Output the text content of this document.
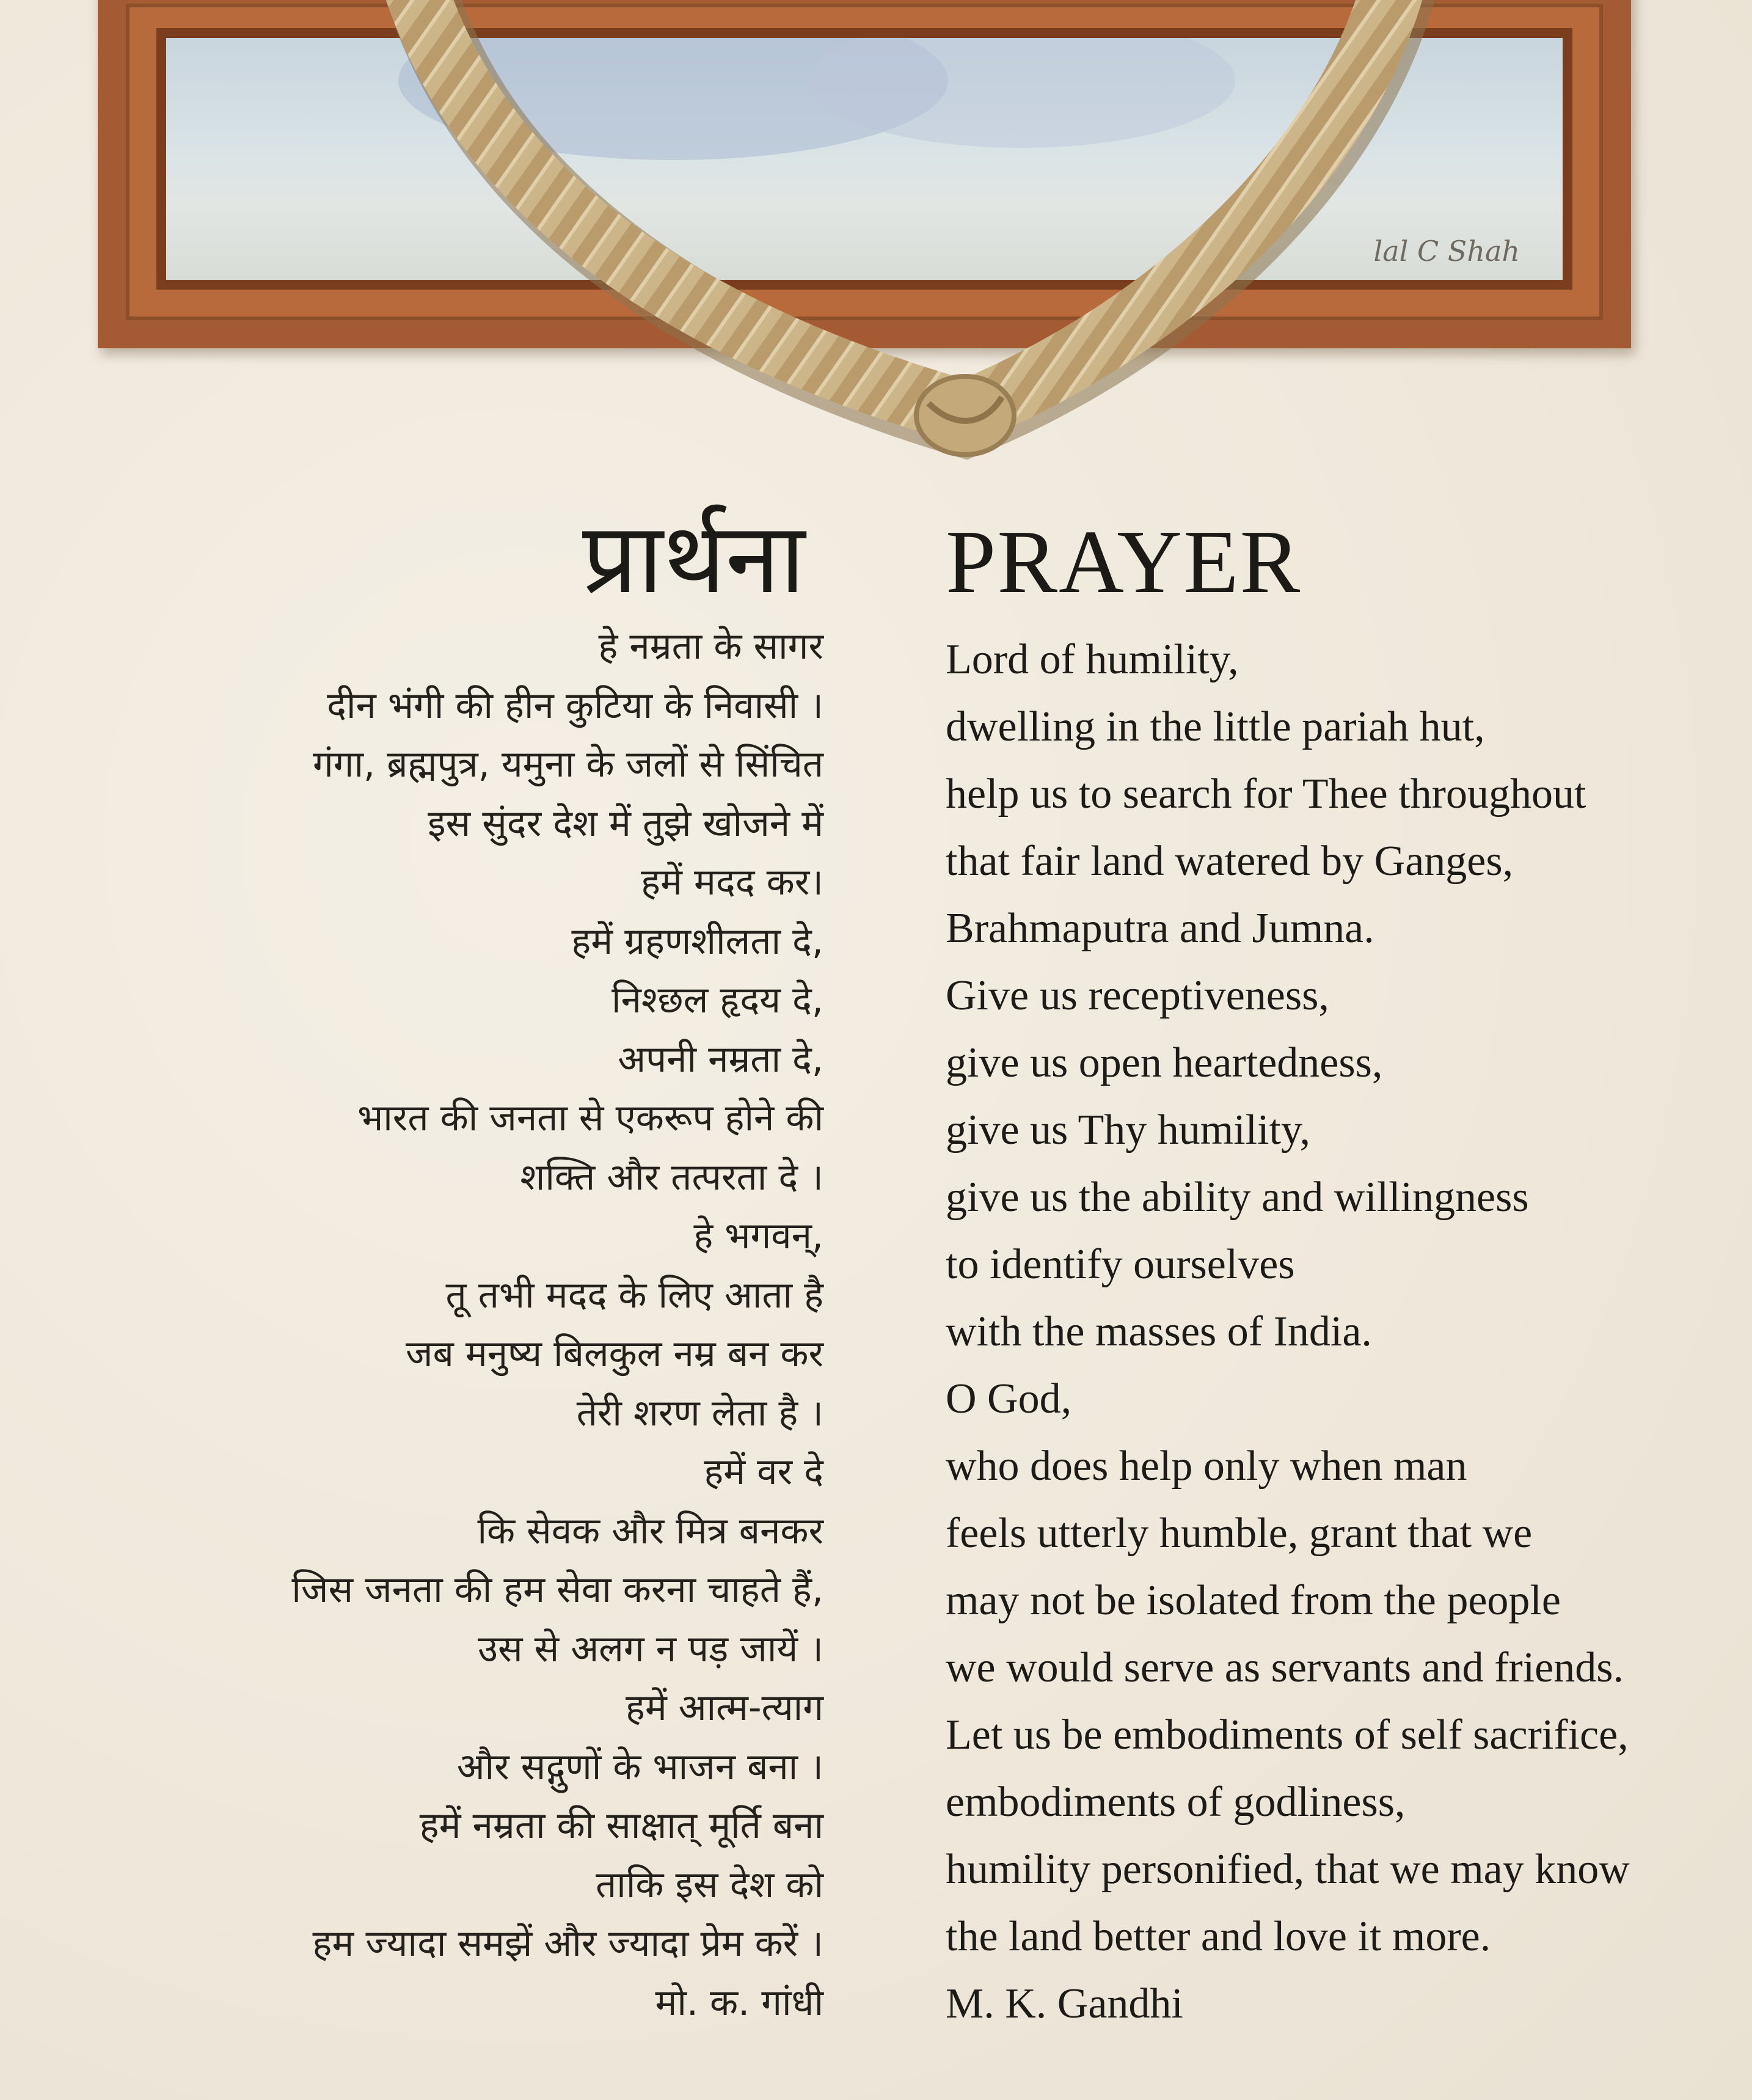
lal C Shah
प्रार्थना PRAYER
हे नम्रता के सागर
दीन भंगी की हीन कुटिया के निवासी ।
गंगा, ब्रह्मपुत्र, यमुना के जलों से सिंचित
इस सुंदर देश में तुझे खोजने में
हमें मदद कर।
हमें ग्रहणशीलता दे,
निश्छल हृदय दे,
अपनी नम्रता दे,
भारत की जनता से एकरूप होने की
शक्ति और तत्परता दे ।
हे भगवन्,
तू तभी मदद के लिए आता है
जब मनुष्य बिलकुल नम्र बन कर
तेरी शरण लेता है ।
हमें वर दे
कि सेवक और मित्र बनकर
जिस जनता की हम सेवा करना चाहते हैं,
उस से अलग न पड़ जायें ।
हमें आत्म-त्याग
और सद्गुणों के भाजन बना ।
हमें नम्रता की साक्षात् मूर्ति बना
ताकि इस देश को
हम ज्यादा समझें और ज्यादा प्रेम करें ।
मो. क. गांधी
Lord of humility,
dwelling in the little pariah hut,
help us to search for Thee throughout
that fair land watered by Ganges,
Brahmaputra and Jumna.
Give us receptiveness,
give us open heartedness,
give us Thy humility,
give us the ability and willingness
to identify ourselves
with the masses of India.
O God,
who does help only when man
feels utterly humble, grant that we
may not be isolated from the people
we would serve as servants and friends.
Let us be embodiments of self sacrifice,
embodiments of godliness,
humility personified, that we may know
the land better and love it more.
M. K. Gandhi
